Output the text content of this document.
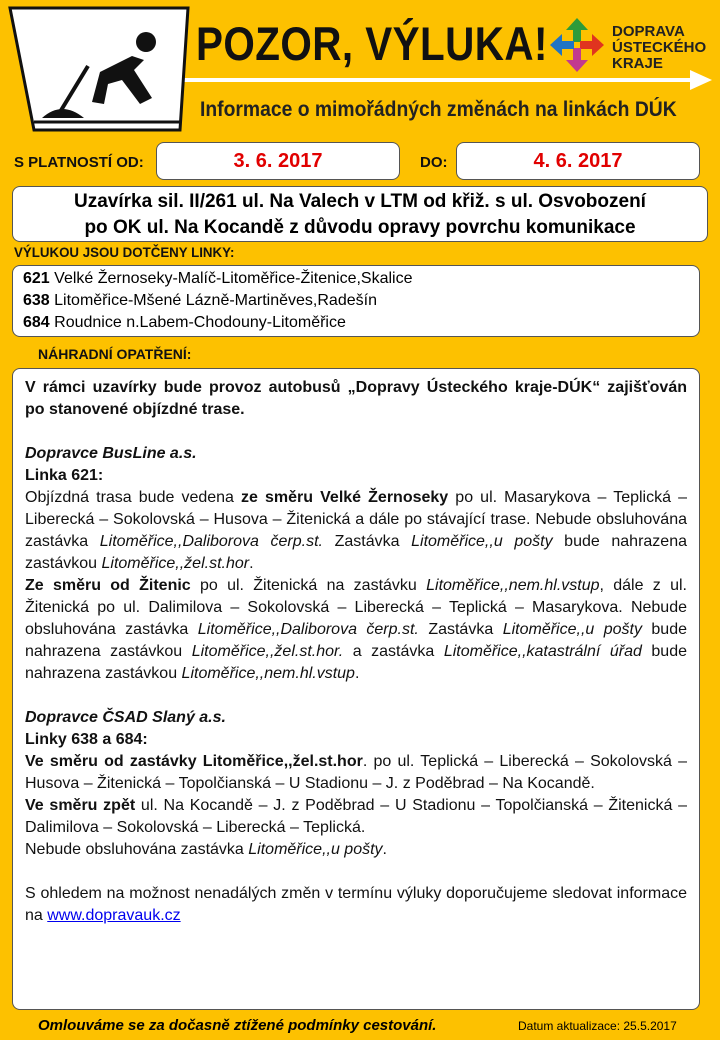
POZOR, VÝLUKA!
Informace o mimořádných změnách na linkách DÚK
DOPRAVA
ÚSTECKÉHO
KRAJE
S PLATNOSTÍ OD:	3. 6. 2017	DO:	4. 6. 2017
Uzavírka sil. II/261 ul. Na Valech v LTM od křiž. s ul. Osvobození
po OK ul. Na Kocandě z důvodu opravy povrchu komunikace
VÝLUKOU JSOU DOTČENY LINKY:
621 Velké Žernoseky-Malíč-Litoměřice-Žitenice,Skalice
638 Litoměřice-Mšené Lázně-Martiněves,Radešín
684 Roudnice n.Labem-Chodouny-Litoměřice
NÁHRADNÍ OPATŘENÍ:

V rámci uzavírky bude provoz autobusů „Dopravy Ústeckého kraje-DÚK“ zajišťován po stanovené objízdné trase.

Dopravce BusLine a.s.

Linka 621:

Objízdná trasa bude vedena ze směru Velké Žernoseky po ul. Masarykova – Teplická – Liberecká – Sokolovská – Husova – Žitenická a dále po stávající trase. Nebude obsluhována zastávka Litoměřice,,Daliborova čerp.st. Zastávka Litoměřice,,u pošty bude nahrazena zastávkou Litoměřice,,žel.st.hor.

Ze směru od Žitenic po ul. Žitenická na zastávku Litoměřice,,nem.hl.vstup, dále z ul. Žitenická po ul. Dalimilova – Sokolovská – Liberecká – Teplická – Masarykova. Nebude obsluhována zastávka Litoměřice,,Daliborova čerp.st. Zastávka Litoměřice,,u pošty bude nahrazena zastávkou Litoměřice,,žel.st.hor. a zastávka Litoměřice,,katastrální úřad bude nahrazena zastávkou Litoměřice,,nem.hl.vstup.

Dopravce ČSAD Slaný a.s.

Linky 638 a 684:

Ve směru od zastávky Litoměřice,,žel.st.hor. po ul. Teplická – Liberecká – Sokolovská – Husova – Žitenická – Topolčianská – U Stadionu – J. z Poděbrad – Na Kocandě.

Ve směru zpět ul. Na Kocandě – J. z Poděbrad – U Stadionu – Topolčianská – Žitenická – Dalimilova – Sokolovská – Liberecká – Teplická.

Nebude obsluhována zastávka Litoměřice,,u pošty.

S ohledem na možnost nenadálých změn v termínu výluky doporučujeme sledovat informace na www.dopravauk.cz

Omlouváme se za dočasně ztížené podmínky cestování.	Datum aktualizace: 25.5.2017
